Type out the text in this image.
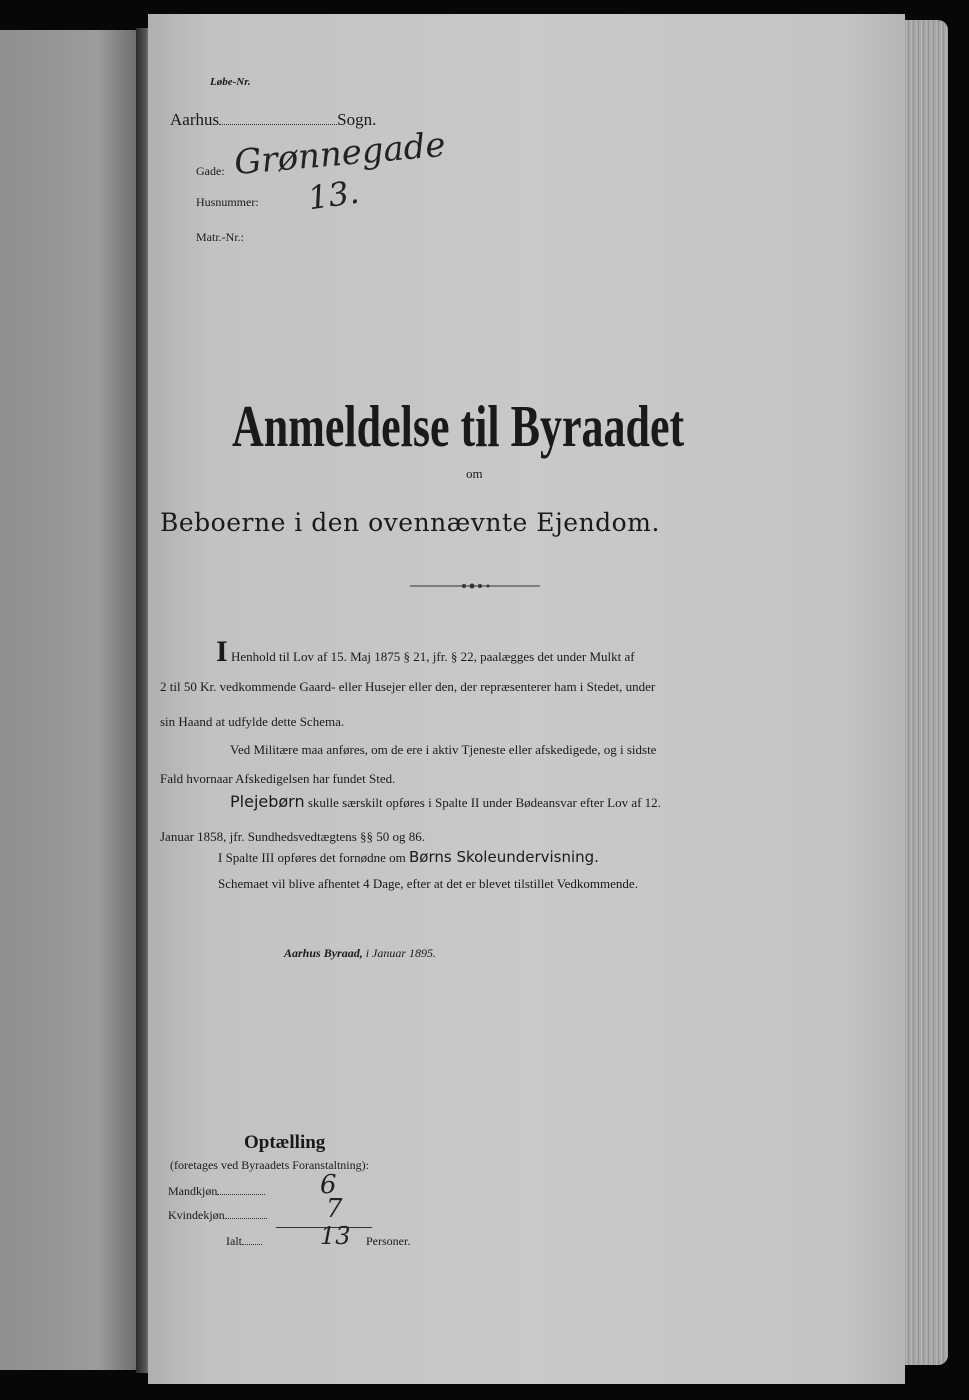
Løbe-Nr.
Aarhus	Sogn.
Gade: Grønnegade
Husnummer: 13.
Matr.-Nr.:
Anmeldelse til Byraadet
om
Beboerne i den ovennævnte Ejendom.
I Henhold til Lov af 15. Maj 1875 § 21, jfr. § 22, paalægges det under Mulkt af
2 til 50 Kr. vedkommende Gaard- eller Husejer eller den, der repræsenterer ham i Stedet, under
sin Haand at udfylde dette Schema.
Ved Militære maa anføres, om de ere i aktiv Tjeneste eller afskedigede, og i sidste
Fald hvornaar Afskedigelsen har fundet Sted.
Plejebørn skulle særskilt opføres i Spalte II under Bødeansvar efter Lov af 12.
Januar 1858, jfr. Sundhedsvedtægtens §§ 50 og 86.
I Spalte III opføres det fornødne om Børns Skoleundervisning.
Schemaet vil blive afhentet 4 Dage, efter at det er blevet tilstillet Vedkommende.
Aarhus Byraad, i Januar 1895.
Optælling
(foretages ved Byraadets Foranstaltning):
Mandkjøn	6
Kvindekjøn	7
Ialt	13 Personer.
